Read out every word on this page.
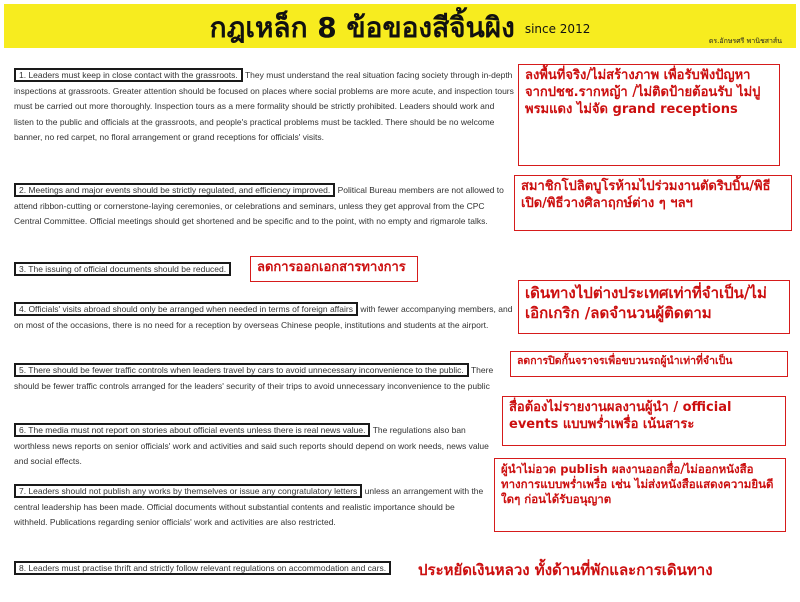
กฎเหล็ก 8 ข้อของสีจิ้นผิง since 2012
ดร.อักษรศรี พานิชสาส์น
1. Leaders must keep in close contact with the grassroots. They must understand the real situation facing society through in-depth inspections at grassroots. Greater attention should be focused on places where social problems are more acute, and inspection tours must be carried out more thoroughly. Inspection tours as a mere formality should be strictly prohibited. Leaders should work and listen to the public and officials at the grassroots, and people's practical problems must be tackled. There should be no welcome banner, no red carpet, no floral arrangement or grand receptions for officials' visits.
ลงพื้นที่จริง/ไม่สร้างภาพ เพื่อรับฟังปัญหาจากปชช.รากหญ้า /ไม่ติดป้ายต้อนรับ ไม่ปูพรมแดง ไม่จัด grand receptions
2. Meetings and major events should be strictly regulated, and efficiency improved. Political Bureau members are not allowed to attend ribbon-cutting or cornerstone-laying ceremonies, or celebrations and seminars, unless they get approval from the CPC Central Committee. Official meetings should get shortened and be specific and to the point, with no empty and rigmarole talks.
สมาชิกโปลิตบูโรห้ามไปร่วมงานตัดริบบิ้น/พิธีเปิด/พิธีวางศิลาฤกษ์ต่าง ๆ ฯลฯ
3. The issuing of official documents should be reduced.	ลดการออกเอกสารทางการ
4. Officials' visits abroad should only be arranged when needed in terms of foreign affairs with fewer accompanying members, and on most of the occasions, there is no need for a reception by overseas Chinese people, institutions and students at the airport.
เดินทางไปต่างประเทศเท่าที่จำเป็น/ไม่เอิกเกริก /ลดจำนวนผู้ติดตาม
5. There should be fewer traffic controls when leaders travel by cars to avoid unnecessary inconvenience to the public. There should be fewer traffic controls arranged for the leaders' security of their trips to avoid unnecessary inconvenience to the public
ลดการปิดกั้นจราจรเพื่อขบวนรถผู้นำเท่าที่จำเป็น
6. The media must not report on stories about official events unless there is real news value. The regulations also ban worthless news reports on senior officials' work and activities and said such reports should depend on work needs, news value and social effects.
สื่อต้องไม่รายงานผลงานผู้นำ / official events แบบพร่ำเพรื่อ เน้นสาระ
7. Leaders should not publish any works by themselves or issue any congratulatory letters unless an arrangement with the central leadership has been made. Official documents without substantial contents and realistic importance should be withheld. Publications regarding senior officials' work and activities are also restricted.
ผู้นำไม่อวด publish ผลงานออกสื่อ/ไม่ออกหนังสือทางการแบบพร่ำเพรื่อ เช่น ไม่ส่งหนังสือแสดงความยินดีใดๆ ก่อนได้รับอนุญาต
8. Leaders must practise thrift and strictly follow relevant regulations on accommodation and cars.	ประหยัดเงินหลวง ทั้งด้านที่พักและการเดินทาง
